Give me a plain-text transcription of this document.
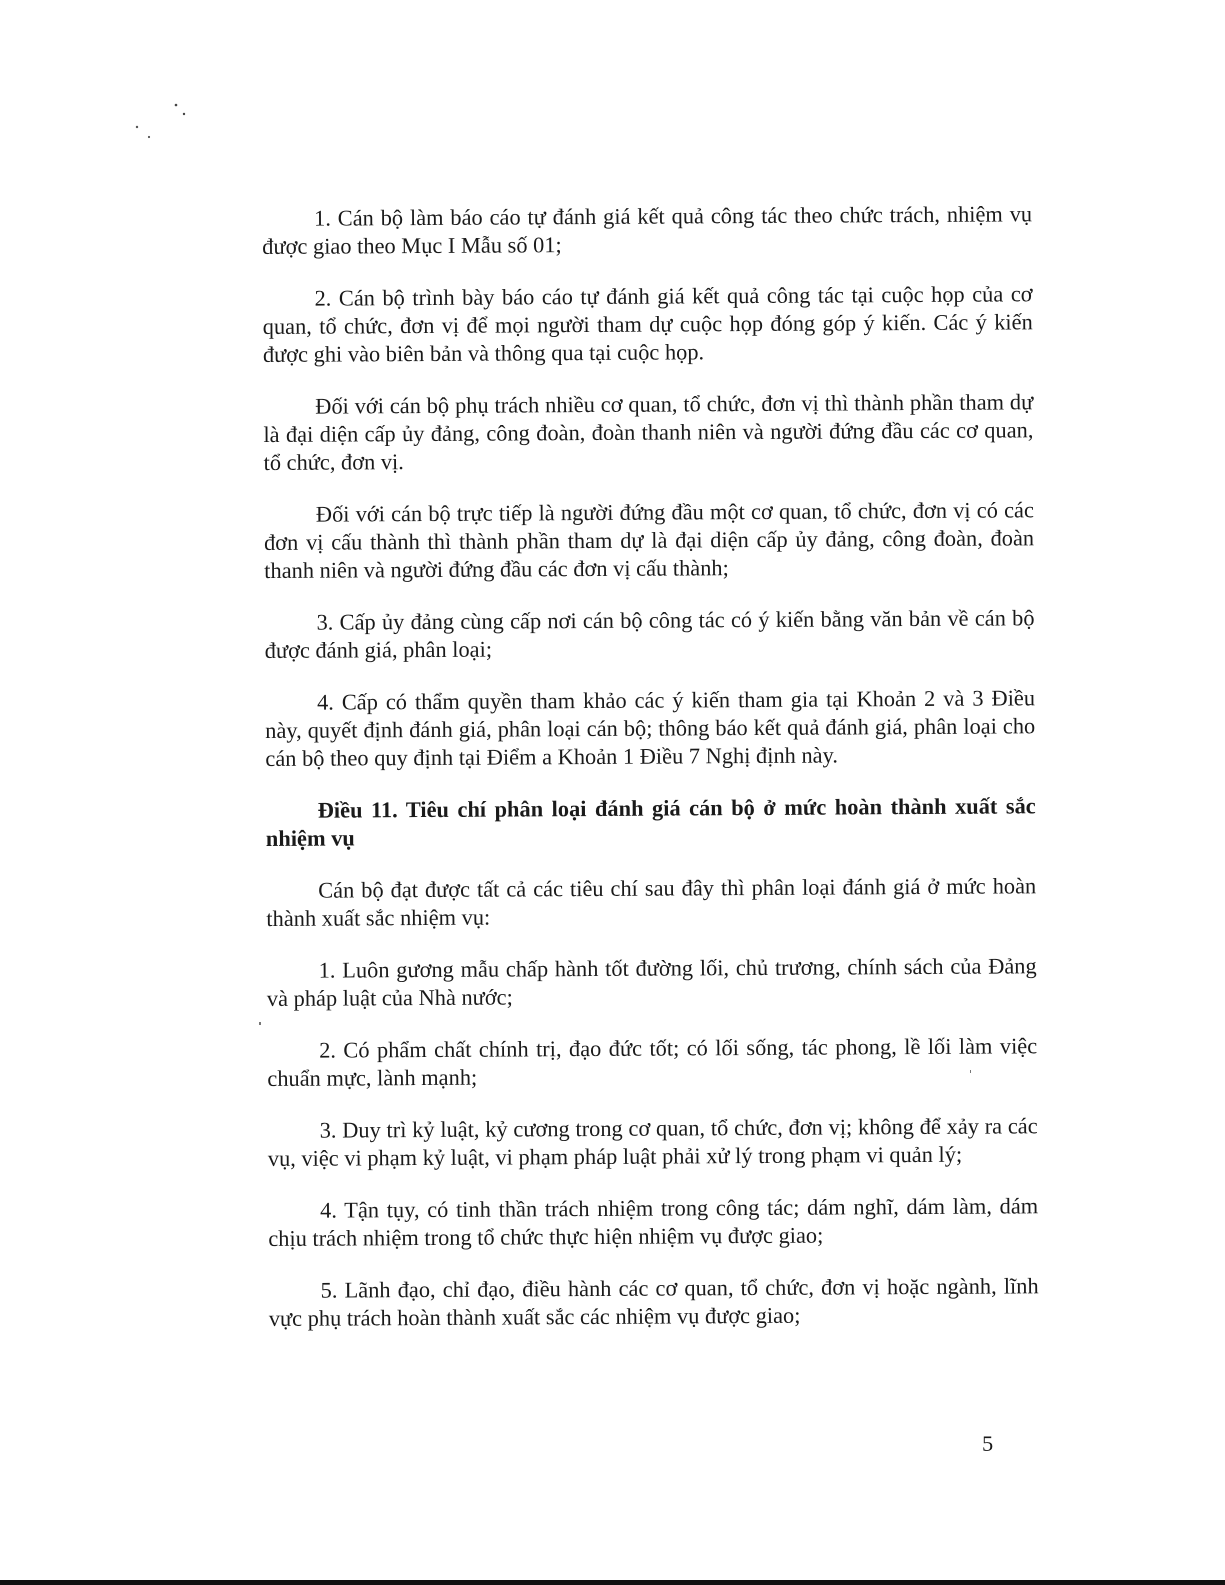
1. Cán bộ làm báo cáo tự đánh giá kết quả công tác theo chức trách, nhiệm vụ được giao theo Mục I Mẫu số 01;

2. Cán bộ trình bày báo cáo tự đánh giá kết quả công tác tại cuộc họp của cơ quan, tổ chức, đơn vị để mọi người tham dự cuộc họp đóng góp ý kiến. Các ý kiến được ghi vào biên bản và thông qua tại cuộc họp.

Đối với cán bộ phụ trách nhiều cơ quan, tổ chức, đơn vị thì thành phần tham dự là đại diện cấp ủy đảng, công đoàn, đoàn thanh niên và người đứng đầu các cơ quan, tổ chức, đơn vị.

Đối với cán bộ trực tiếp là người đứng đầu một cơ quan, tổ chức, đơn vị có các đơn vị cấu thành thì thành phần tham dự là đại diện cấp ủy đảng, công đoàn, đoàn thanh niên và người đứng đầu các đơn vị cấu thành;

3. Cấp ủy đảng cùng cấp nơi cán bộ công tác có ý kiến bằng văn bản về cán bộ được đánh giá, phân loại;

4. Cấp có thẩm quyền tham khảo các ý kiến tham gia tại Khoản 2 và 3 Điều này, quyết định đánh giá, phân loại cán bộ; thông báo kết quả đánh giá, phân loại cho cán bộ theo quy định tại Điểm a Khoản 1 Điều 7 Nghị định này.

Điều 11. Tiêu chí phân loại đánh giá cán bộ ở mức hoàn thành xuất sắc nhiệm vụ

Cán bộ đạt được tất cả các tiêu chí sau đây thì phân loại đánh giá ở mức hoàn thành xuất sắc nhiệm vụ:

1. Luôn gương mẫu chấp hành tốt đường lối, chủ trương, chính sách của Đảng và pháp luật của Nhà nước;

2. Có phẩm chất chính trị, đạo đức tốt; có lối sống, tác phong, lề lối làm việc chuẩn mực, lành mạnh;

3. Duy trì kỷ luật, kỷ cương trong cơ quan, tổ chức, đơn vị; không để xảy ra các vụ, việc vi phạm kỷ luật, vi phạm pháp luật phải xử lý trong phạm vi quản lý;

4. Tận tụy, có tinh thần trách nhiệm trong công tác; dám nghĩ, dám làm, dám chịu trách nhiệm trong tổ chức thực hiện nhiệm vụ được giao;

5. Lãnh đạo, chỉ đạo, điều hành các cơ quan, tổ chức, đơn vị hoặc ngành, lĩnh vực phụ trách hoàn thành xuất sắc các nhiệm vụ được giao;

5
